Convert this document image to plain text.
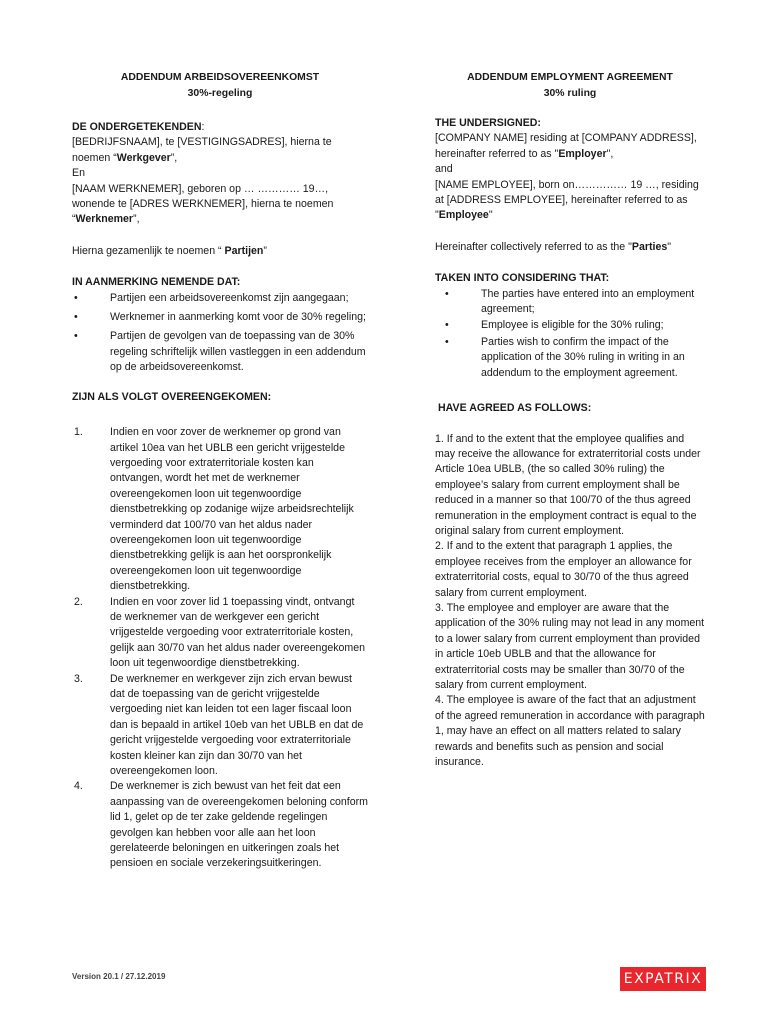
ADDENDUM ARBEIDSOVEREENKOMST
30%-regeling

DE ONDERGETEKENDEN:

[BEDRIJFSNAAM], te [VESTIGINGSADRES], hierna te noemen “Werkgever”,

En

[NAAM WERKNEMER], geboren op … ………… 19…, wonende te [ADRES WERKNEMER], hierna te noemen “Werknemer”,

Hierna gezamenlijk te noemen “ Partijen”

IN AANMERKING NEMENDE DAT:

• Partijen een arbeidsovereenkomst zijn aangegaan;
• Werknemer in aanmerking komt voor de 30% regeling;
• Partijen de gevolgen van de toepassing van de 30% regeling schriftelijk willen vastleggen in een addendum op de arbeidsovereenkomst.

ZIJN ALS VOLGT OVEREENGEKOMEN:

1.	Indien en voor zover de werknemer op grond van artikel 10ea van het UBLB een gericht vrijgestelde vergoeding voor extraterritoriale kosten kan ontvangen, wordt het met de werknemer overeengekomen loon uit tegenwoordige dienstbetrekking op zodanige wijze arbeidsrechtelijk verminderd dat 100/70 van het aldus nader overeengekomen loon uit tegenwoordige dienstbetrekking gelijk is aan het oorspronkelijk overeengekomen loon uit tegenwoordige dienstbetrekking.

2.	Indien en voor zover lid 1 toepassing vindt, ontvangt de werknemer van de werkgever een gericht vrijgestelde vergoeding voor extraterritoriale kosten, gelijk aan 30/70 van het aldus nader overeengekomen loon uit tegenwoordige dienstbetrekking.

3.	De werknemer en werkgever zijn zich ervan bewust dat de toepassing van de gericht vrijgestelde vergoeding niet kan leiden tot een lager fiscaal loon dan is bepaald in artikel 10eb van het UBLB en dat de gericht vrijgestelde vergoeding voor extraterritoriale kosten kleiner kan zijn dan 30/70 van het overeengekomen loon.

4.	De werknemer is zich bewust van het feit dat een aanpassing van de overeengekomen beloning conform lid 1, gelet op de ter zake geldende regelingen gevolgen kan hebben voor alle aan het loon gerelateerde beloningen en uitkeringen zoals het pensioen en sociale verzekeringsuitkeringen.

ADDENDUM EMPLOYMENT AGREEMENT
30% ruling

THE UNDERSIGNED:

[COMPANY NAME] residing at [COMPANY ADDRESS], hereinafter referred to as "Employer",

and

[NAME EMPLOYEE], born on…………… 19 …, residing at [ADDRESS EMPLOYEE], hereinafter referred to as "Employee"

Hereinafter collectively referred to as the "Parties"

TAKEN INTO CONSIDERING THAT:

• The parties have entered into an employment agreement;
• Employee is eligible for the 30% ruling;
• Parties wish to confirm the impact of the application of the 30% ruling in writing in an addendum to the employment agreement.

HAVE AGREED AS FOLLOWS:

1. If and to the extent that the employee qualifies and may receive the allowance for extraterritorial costs under Article 10ea UBLB, (the so called 30% ruling) the employee’s salary from current employment shall be reduced in a manner so that 100/70 of the thus agreed remuneration in the employment contract is equal to the original salary from current employment.

2. If and to the extent that paragraph 1 applies, the employee receives from the employer an allowance for extraterritorial costs, equal to 30/70 of the thus agreed salary from current employment.

3. The employee and employer are aware that the application of the 30% ruling may not lead in any moment to a lower salary from current employment than provided in article 10eb UBLB and that the allowance for extraterritorial costs may be smaller than 30/70 of the salary from current employment.

4. The employee is aware of the fact that an adjustment of the agreed remuneration in accordance with paragraph 1, may have an effect on all matters related to salary rewards and benefits such as pension and social insurance.

Version 20.1 / 27.12.2019	EXPATRIX
